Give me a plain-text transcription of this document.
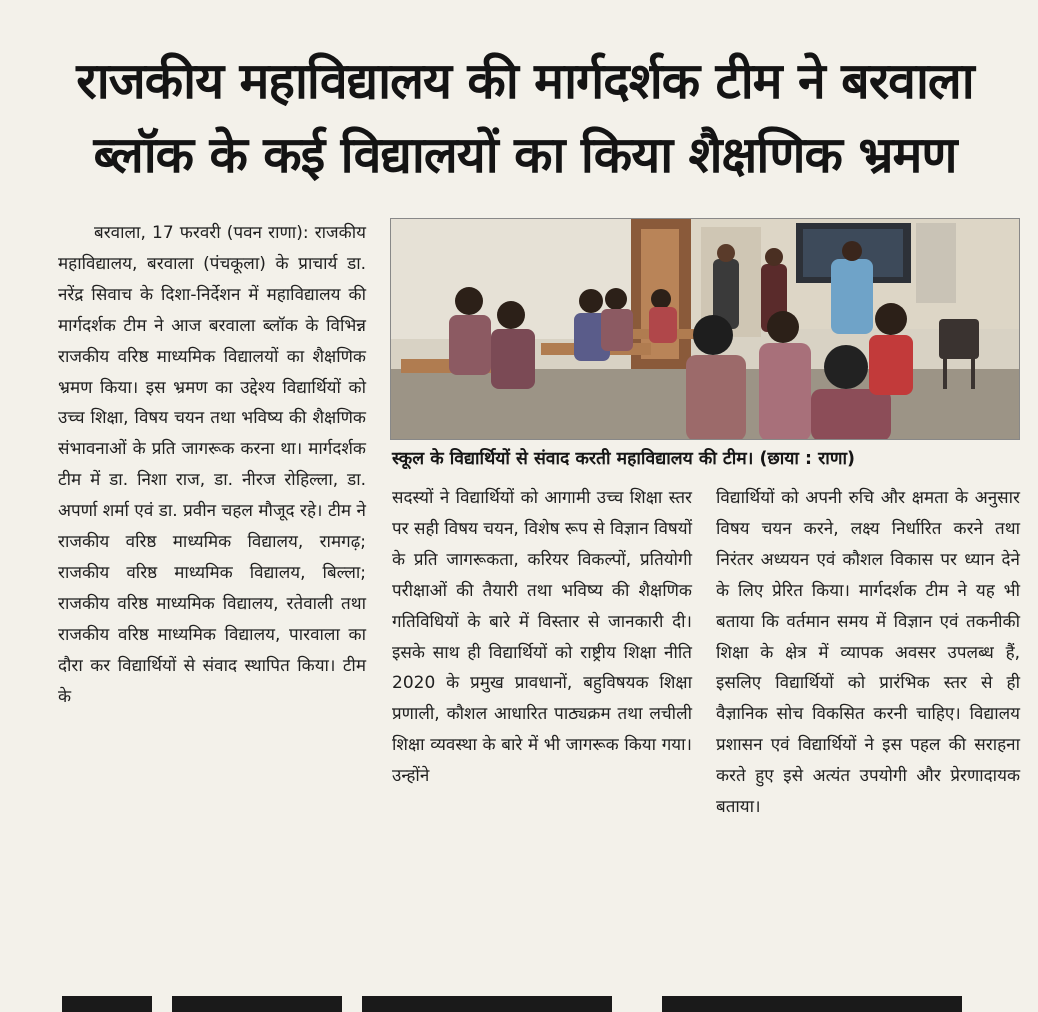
राजकीय महाविद्यालय की मार्गदर्शक टीम ने बरवाला
ब्लॉक के कई विद्यालयों का किया शैक्षणिक भ्रमण
बरवाला, 17 फरवरी (पवन राणा): राजकीय महाविद्यालय, बरवाला (पंचकूला) के प्राचार्य डा. नरेंद्र सिवाच के दिशा-निर्देशन में महाविद्यालय की मार्गदर्शक टीम ने आज बरवाला ब्लॉक के विभिन्न राजकीय वरिष्ठ माध्यमिक विद्यालयों का शैक्षणिक भ्रमण किया। इस भ्रमण का उद्देश्य विद्यार्थियों को उच्च शिक्षा, विषय चयन तथा भविष्य की शैक्षणिक संभावनाओं के प्रति जागरूक करना था। मार्गदर्शक टीम में डा. निशा राज, डा. नीरज रोहिल्ला, डा. अपर्णा शर्मा एवं डा. प्रवीन चहल मौजूद रहे। टीम ने राजकीय वरिष्ठ माध्यमिक विद्यालय, रामगढ़; राजकीय वरिष्ठ माध्यमिक विद्यालय, बिल्ला; राजकीय वरिष्ठ माध्यमिक विद्यालय, रतेवाली तथा राजकीय वरिष्ठ माध्यमिक विद्यालय, पारवाला का दौरा कर विद्यार्थियों से संवाद स्थापित किया। टीम के
स्कूल के विद्यार्थियों से संवाद करती महाविद्यालय की टीम। (छाया : राणा)
सदस्यों ने विद्यार्थियों को आगामी उच्च शिक्षा स्तर पर सही विषय चयन, विशेष रूप से विज्ञान विषयों के प्रति जागरूकता, करियर विकल्पों, प्रतियोगी परीक्षाओं की तैयारी तथा भविष्य की शैक्षणिक गतिविधियों के बारे में विस्तार से जानकारी दी। इसके साथ ही विद्यार्थियों को राष्ट्रीय शिक्षा नीति 2020 के प्रमुख प्रावधानों, बहुविषयक शिक्षा प्रणाली, कौशल आधारित पाठ्यक्रम तथा लचीली शिक्षा व्यवस्था के बारे में भी जागरूक किया गया। उन्होंने
विद्यार्थियों को अपनी रुचि और क्षमता के अनुसार विषय चयन करने, लक्ष्य निर्धारित करने तथा निरंतर अध्ययन एवं कौशल विकास पर ध्यान देने के लिए प्रेरित किया। मार्गदर्शक टीम ने यह भी बताया कि वर्तमान समय में विज्ञान एवं तकनीकी शिक्षा के क्षेत्र में व्यापक अवसर उपलब्ध हैं, इसलिए विद्यार्थियों को प्रारंभिक स्तर से ही वैज्ञानिक सोच विकसित करनी चाहिए। विद्यालय प्रशासन एवं विद्यार्थियों ने इस पहल की सराहना करते हुए इसे अत्यंत उपयोगी और प्रेरणादायक बताया।
